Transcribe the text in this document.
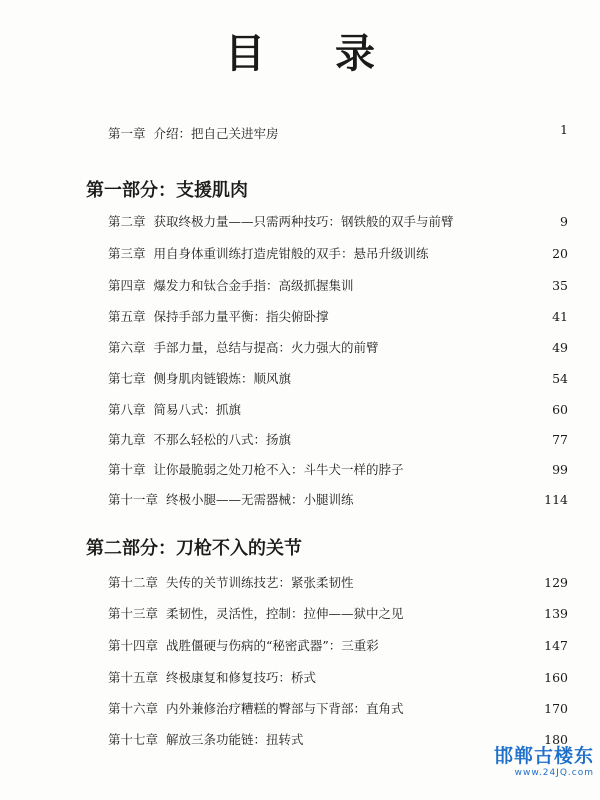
目 录
第一章 介绍：把自己关进牢房	1
第一部分：支援肌肉
第二章 获取终极力量——只需两种技巧：钢铁般的双手与前臂	9
第三章 用自身体重训练打造虎钳般的双手：悬吊升级训练	20
第四章 爆发力和钛合金手指：高级抓握集训	35
第五章 保持手部力量平衡：指尖俯卧撑	41
第六章 手部力量，总结与提高：火力强大的前臂	49
第七章 侧身肌肉链锻炼：顺风旗	54
第八章 简易八式：抓旗	60
第九章 不那么轻松的八式：扬旗	77
第十章 让你最脆弱之处刀枪不入：斗牛犬一样的脖子	99
第十一章 终极小腿——无需器械：小腿训练	114
第二部分：刀枪不入的关节
第十二章 失传的关节训练技艺：紧张柔韧性	129
第十三章 柔韧性，灵活性，控制：拉伸——狱中之见	139
第十四章 战胜僵硬与伤病的“秘密武器”：三重彩	147
第十五章 终极康复和修复技巧：桥式	160
第十六章 内外兼修治疗糟糕的臀部与下背部：直角式	170
第十七章 解放三条功能链：扭转式	180
邯郸古楼东
www.24JQ.com
